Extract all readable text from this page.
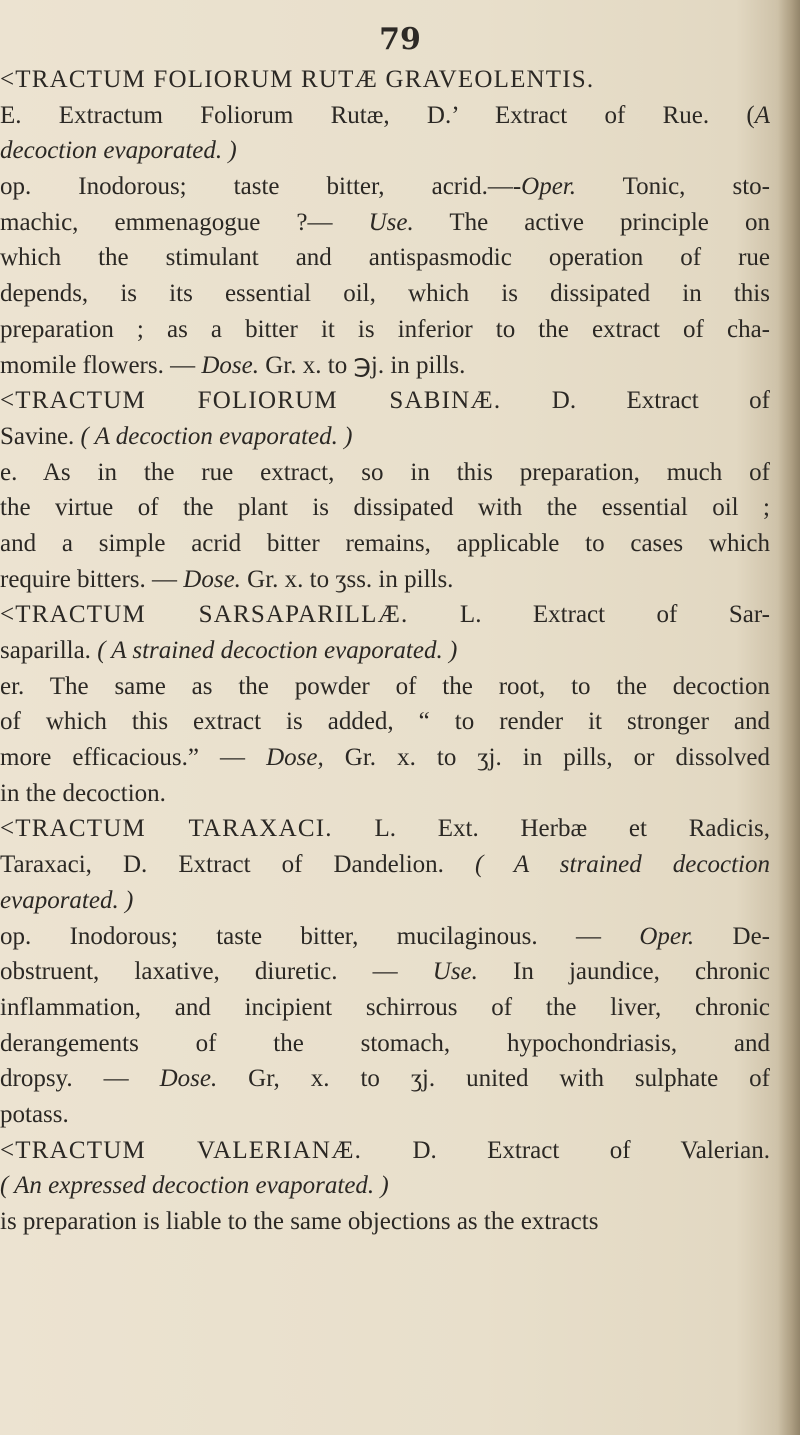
79
<TRACTUM FOLIORUM RUTÆ GRAVEOLENTIS.
E. Extractum Foliorum Rutæ, D.’ Extract of Rue. (A
decoction evaporated. )
op. Inodorous; taste bitter, acrid.—-Oper. Tonic, sto-
machic, emmenagogue ?— Use. The active principle on
which the stimulant and antispasmodic operation of rue
depends, is its essential oil, which is dissipated in this
preparation ; as a bitter it is inferior to the extract of cha-
momile flowers. — Dose. Gr. x. to ℈j. in pills.
<TRACTUM FOLIORUM SABINÆ. D. Extract of
Savine. ( A decoction evaporated. )
e. As in the rue extract, so in this preparation, much of
the virtue of the plant is dissipated with the essential oil ;
and a simple acrid bitter remains, applicable to cases which
require bitters. — Dose. Gr. x. to ʒss. in pills.
<TRACTUM SARSAPARILLÆ. L. Extract of Sar-
saparilla. ( A strained decoction evaporated. )
er. The same as the powder of the root, to the decoction
of which this extract is added, “ to render it stronger and
more efficacious.” — Dose, Gr. x. to ʒj. in pills, or dissolved
in the decoction.
<TRACTUM TARAXACI. L. Ext. Herbæ et Radicis,
Taraxaci, D. Extract of Dandelion. ( A strained decoction
evaporated. )
op. Inodorous; taste bitter, mucilaginous. — Oper. De-
obstruent, laxative, diuretic. — Use. In jaundice, chronic
inflammation, and incipient schirrous of the liver, chronic
derangements of the stomach, hypochondriasis, and
dropsy. — Dose. Gr, x. to ʒj. united with sulphate of
potass.
<TRACTUM VALERIANÆ. D. Extract of Valerian.
( An expressed decoction evaporated. )
is preparation is liable to the same objections as the extracts
